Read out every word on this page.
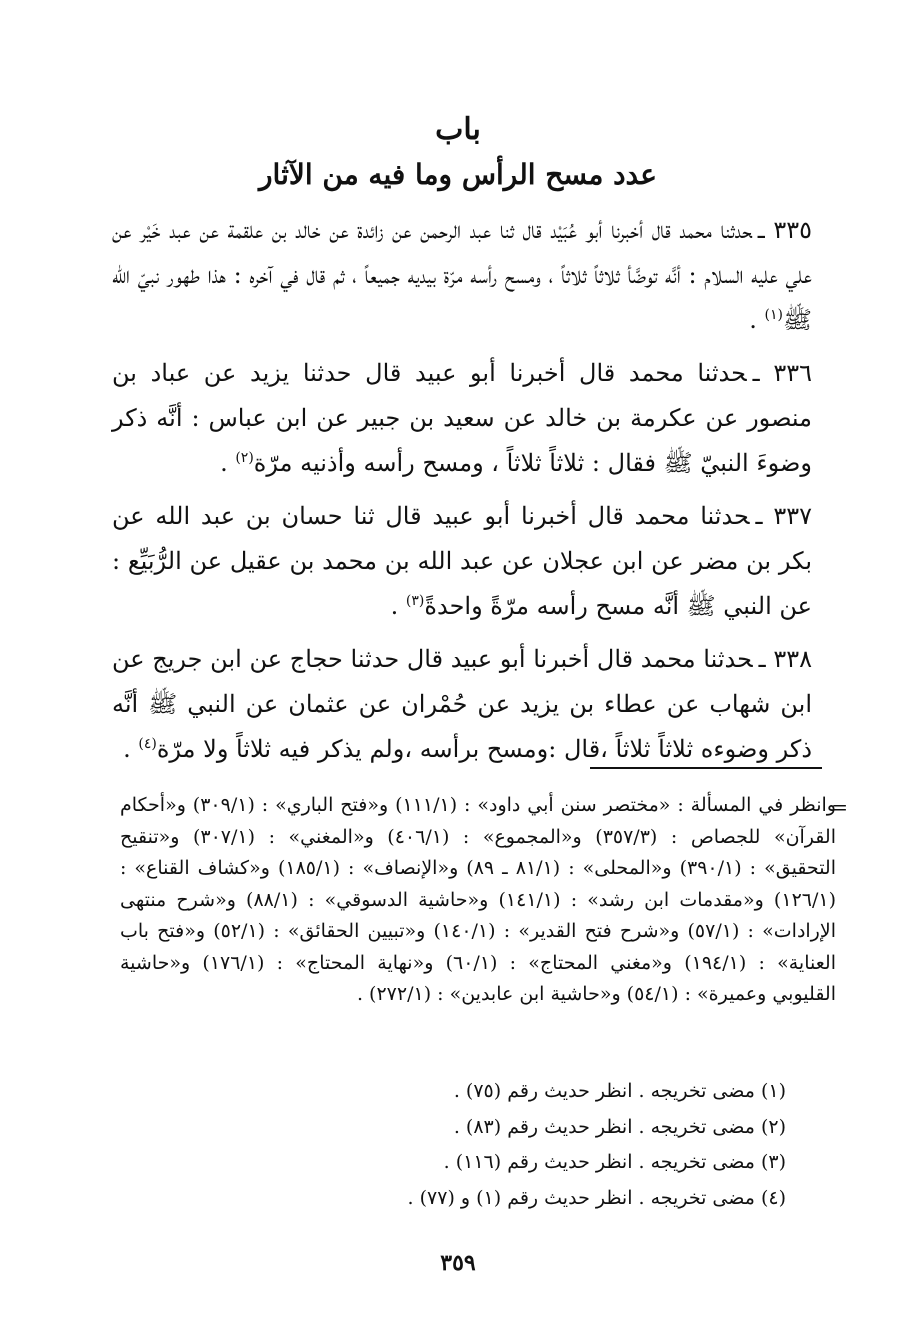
باب
عدد مسح الرأس وما فيه من الآثار

٣٣٥ ـحدثنا محمد قال أخبرنا أبو عُبَيْد قال ثنا عبد الرحمن عن زائدة عن خالد بن علقمة عن عبد خَيْر عن علي عليه السلام : أنَّه توضَّأ ثلاثاً ثلاثاً ، ومسح رأسه مرّة بيديه جميعاً ، ثم قال في آخره : هذا طهور نبيّ الله ﷺ$^{(١)}$ .

٣٣٦ ـحدثنا محمد قال أخبرنا أبو عبيد قال حدثنا يزيد عن عباد بن منصور عن عكرمة بن خالد عن سعيد بن جبير عن ابن عباس : أنَّه ذكر وضوءَ النبيّ ﷺ فقال : ثلاثاً ثلاثاً ، ومسح رأسه وأذنيه مرّة$^{(٢)}$ .

٣٣٧ ـحدثنا محمد قال أخبرنا أبو عبيد قال ثنا حسان بن عبد الله عن بكر بن مضر عن ابن عجلان عن عبد الله بن محمد بن عقيل عن الرُّبَيِّع : عن النبي ﷺ أنَّه مسح رأسه مرّةً واحدةً$^{(٣)}$ .

٣٣٨ ـحدثنا محمد قال أخبرنا أبو عبيد قال حدثنا حجاج عن ابن جريج عن ابن شهاب عن عطاء بن يزيد عن حُمْران عن عثمان عن النبي ﷺ أنَّه ذكر وضوءه ثلاثاً ثلاثاً ،قال :ومسح برأسه ،ولم يذكر فيه ثلاثاً ولا مرّة$^{(٤)}$ .

=

وانظر في المسألة : «مختصر سنن أبي داود» : (١١١/١) و«فتح الباري» : (٣٠٩/١) و«أحكام القرآن» للجصاص : (٣٥٧/٣) و«المجموع» : (٤٠٦/١) و«المغني» : (٣٠٧/١) و«تنقيح التحقيق» : (٣٩٠/١) و«المحلى» : (٨١/١ ـ ٨٩) و«الإنصاف» : (١٨٥/١) و«كشاف القناع» : (١٢٦/١) و«مقدمات ابن رشد» : (١٤١/١) و«حاشية الدسوقي» : (٨٨/١) و«شرح منتهى الإرادات» : (٥٧/١) و«شرح فتح القدير» : (١٤٠/١) و«تبيين الحقائق» : (٥٢/١) و«فتح باب العناية» : (١٩٤/١) و«مغني المحتاج» : (٦٠/١) و«نهاية المحتاج» : (١٧٦/١) و«حاشية القليوبي وعميرة» : (٥٤/١) و«حاشية ابن عابدين» : (٢٧٢/١) .

(١) مضى تخريجه . انظر حديث رقم (٧٥) .

(٢) مضى تخريجه . انظر حديث رقم (٨٣) .

(٣) مضى تخريجه . انظر حديث رقم (١١٦) .

(٤) مضى تخريجه . انظر حديث رقم (١) و (٧٧) .

٣٥٩
